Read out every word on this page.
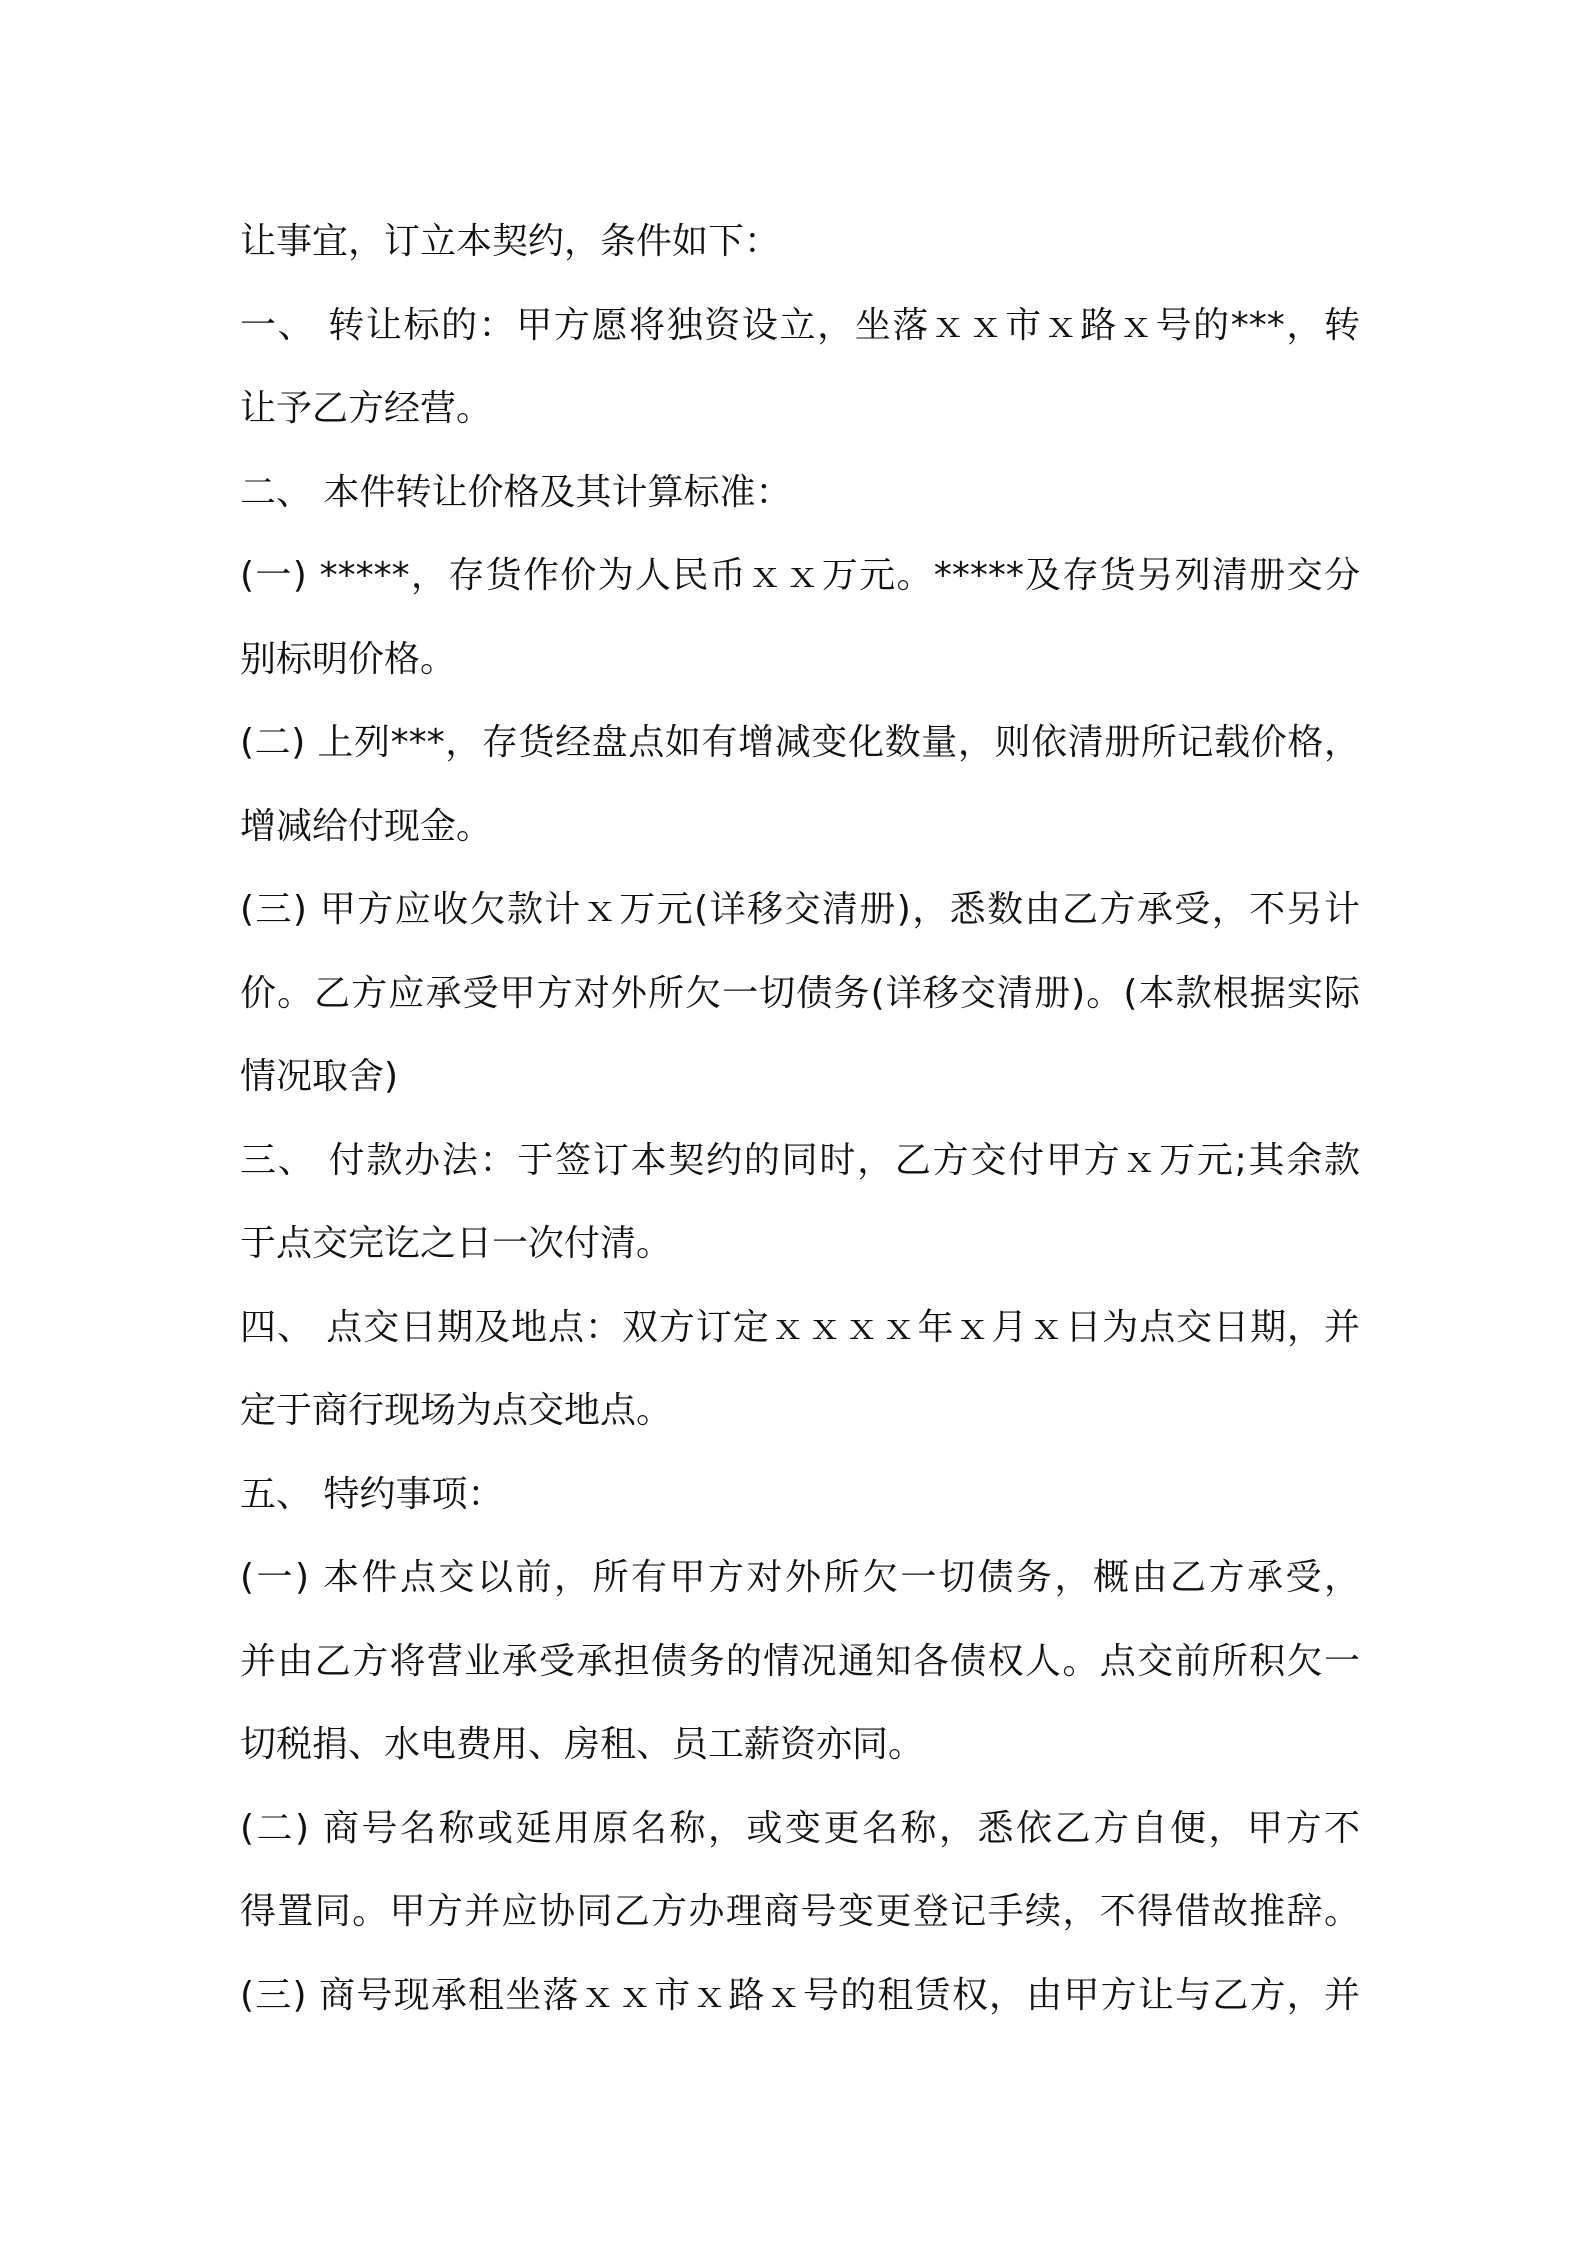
让事宜，订立本契约，条件如下：
一、 转让标的：甲方愿将独资设立，坐落ｘｘ市ｘ路ｘ号的***，转
让予乙方经营。
二、 本件转让价格及其计算标准：
(一) *****，存货作价为人民币ｘｘ万元。*****及存货另列清册交分
别标明价格。
(二) 上列***，存货经盘点如有增减变化数量，则依清册所记载价格，
增减给付现金。
(三) 甲方应收欠款计ｘ万元(详移交清册)，悉数由乙方承受，不另计
价。乙方应承受甲方对外所欠一切债务(详移交清册)。(本款根据实际
情况取舍)
三、 付款办法：于签订本契约的同时，乙方交付甲方ｘ万元;其余款
于点交完讫之日一次付清。
四、 点交日期及地点：双方订定ｘｘｘｘ年ｘ月ｘ日为点交日期，并
定于商行现场为点交地点。
五、 特约事项：
(一) 本件点交以前，所有甲方对外所欠一切债务，概由乙方承受，
并由乙方将营业承受承担债务的情况通知各债权人。点交前所积欠一
切税捐、水电费用、房租、员工薪资亦同。
(二) 商号名称或延用原名称，或变更名称，悉依乙方自便，甲方不
得置同。甲方并应协同乙方办理商号变更登记手续，不得借故推辞。
(三) 商号现承租坐落ｘｘ市ｘ路ｘ号的租赁权，由甲方让与乙方，并
